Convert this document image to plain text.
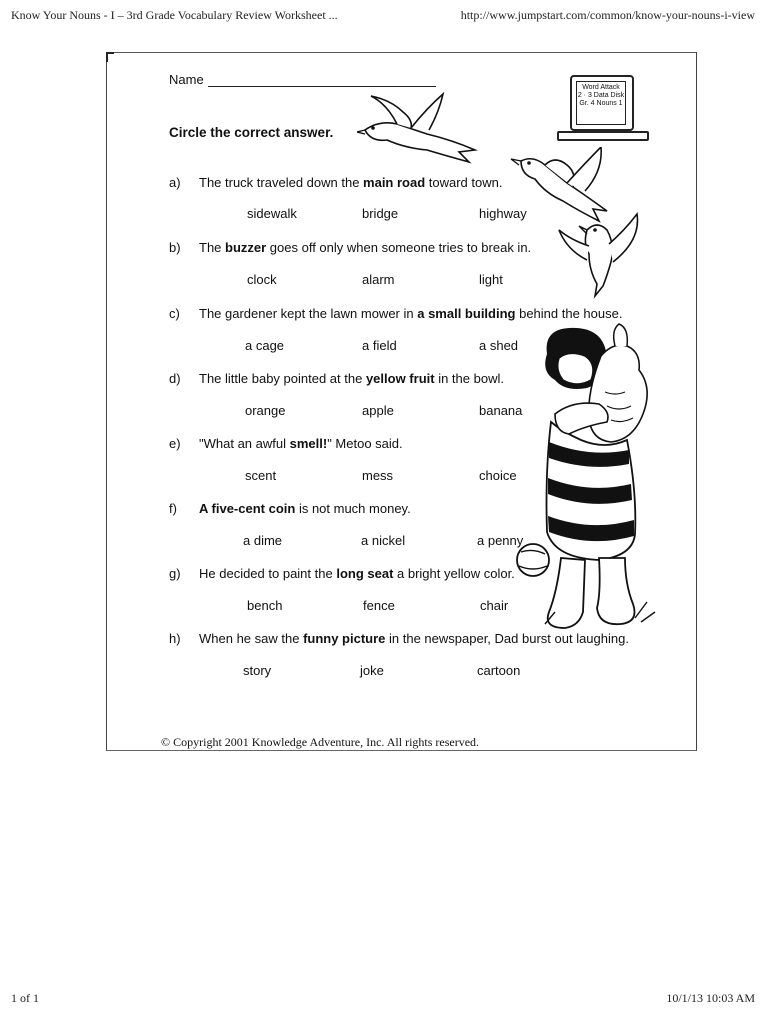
Know Your Nouns - I – 3rd Grade Vocabulary Review Worksheet ...	http://www.jumpstart.com/common/know-your-nouns-i-view
Name
Circle the correct answer.
Word Attack
2 · 3 Data Disk
Gr. 4 Nouns 1
a) The truck traveled down the main road toward town.
sidewalk	bridge	highway
b) The buzzer goes off only when someone tries to break in.
clock	alarm	light
c) The gardener kept the lawn mower in a small building behind the house.
a cage	a field	a shed
d) The little baby pointed at the yellow fruit in the bowl.
orange	apple	banana
e) "What an awful smell!" Metoo said.
scent	mess	choice
f) A five-cent coin is not much money.
a dime	a nickel	a penny
g) He decided to paint the long seat a bright yellow color.
bench	fence	chair
h) When he saw the funny picture in the newspaper, Dad burst out laughing.
story	joke	cartoon
© Copyright 2001 Knowledge Adventure, Inc. All rights reserved.
1 of 1	10/1/13 10:03 AM
